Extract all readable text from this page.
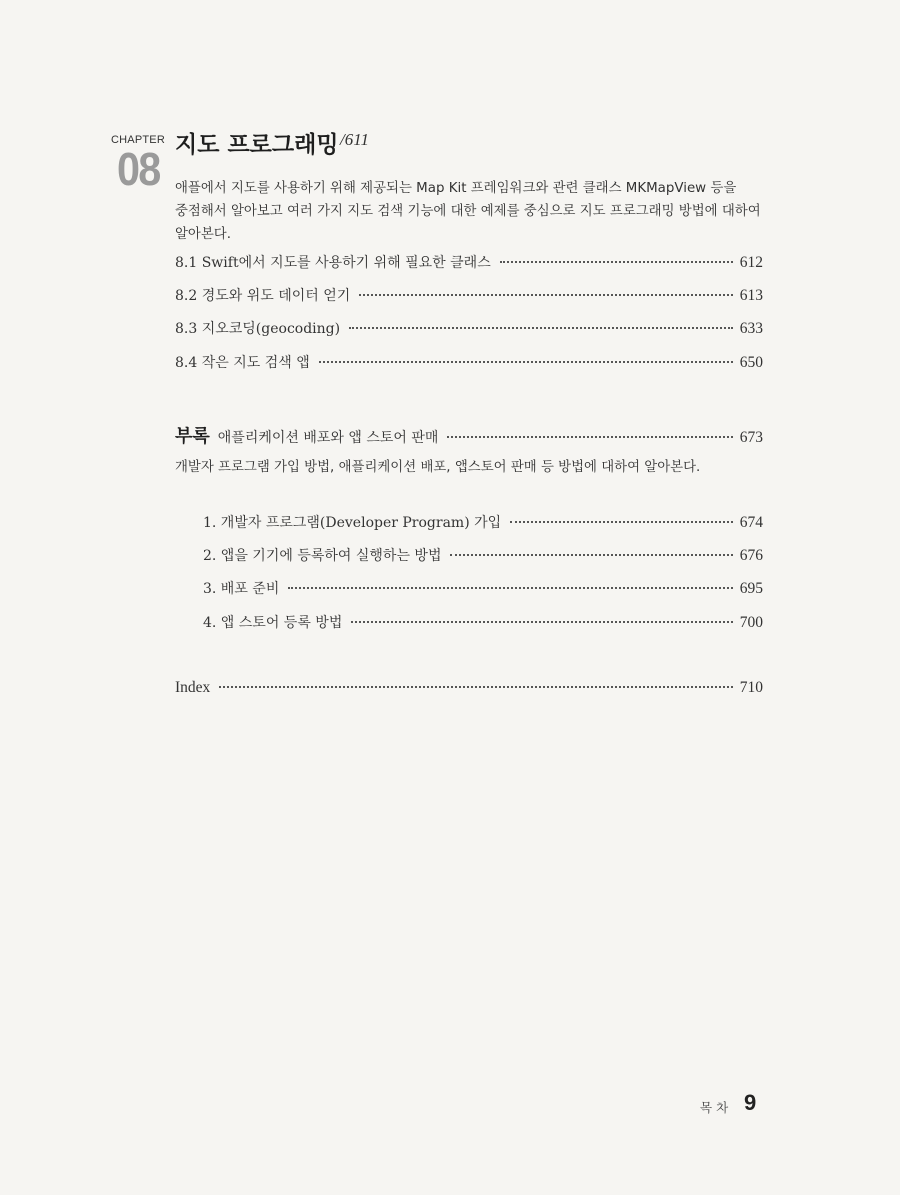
CHAPTER
08 지도 프로그래밍 /611
애플에서 지도를 사용하기 위해 제공되는 Map Kit 프레임워크와 관련 클래스 MKMapView 등을 중점해서 알아보고 여러 가지 지도 검색 기능에 대한 예제를 중심으로 지도 프로그래밍 방법에 대하여 알아본다.
8.1 Swift에서 지도를 사용하기 위해 필요한 클래스	612
8.2 경도와 위도 데이터 얻기	613
8.3 지오코딩(geocoding)	633
8.4 작은 지도 검색 앱	650
부록 애플리케이션 배포와 앱 스토어 판매	673
개발자 프로그램 가입 방법, 애플리케이션 배포, 앱스토어 판매 등 방법에 대하여 알아본다.
1. 개발자 프로그램(Developer Program) 가입	674
2. 앱을 기기에 등록하여 실행하는 방법	676
3. 배포 준비	695
4. 앱 스토어 등록 방법	700
Index	710
목차 9
